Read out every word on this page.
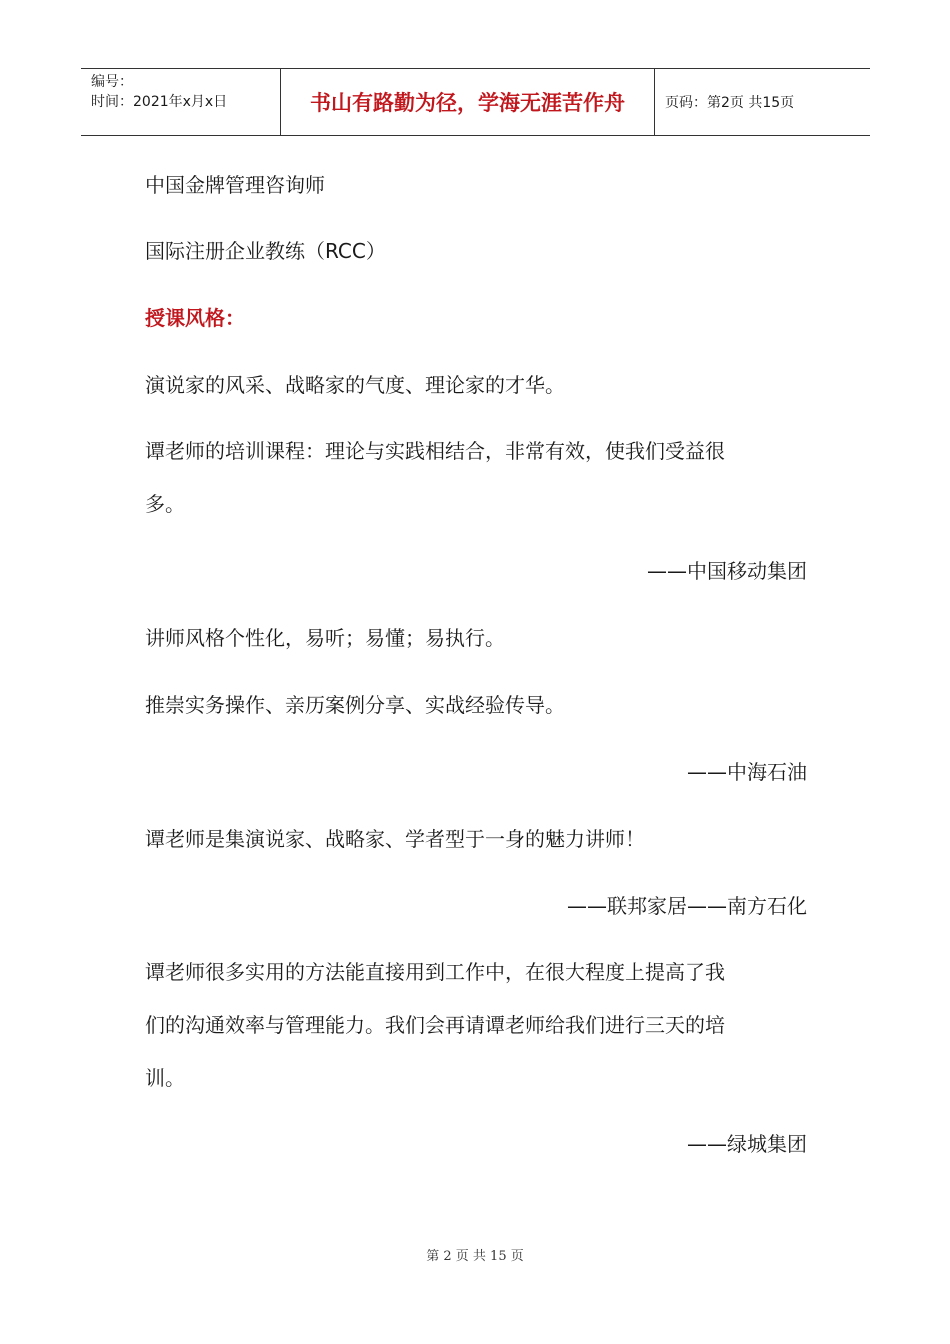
编号：
时间：2021年x月x日	书山有路勤为径，学海无涯苦作舟	页码：第2页 共15页
中国金牌管理咨询师
国际注册企业教练（RCC）
授课风格：
演说家的风采、战略家的气度、理论家的才华。
谭老师的培训课程：理论与实践相结合，非常有效，使我们受益很
多。
——中国移动集团
讲师风格个性化，易听；易懂；易执行。
推崇实务操作、亲历案例分享、实战经验传导。
——中海石油
谭老师是集演说家、战略家、学者型于一身的魅力讲师！
——联邦家居——南方石化
谭老师很多实用的方法能直接用到工作中，在很大程度上提高了我
们的沟通效率与管理能力。我们会再请谭老师给我们进行三天的培
训。
——绿城集团
第 2 页 共 15 页
